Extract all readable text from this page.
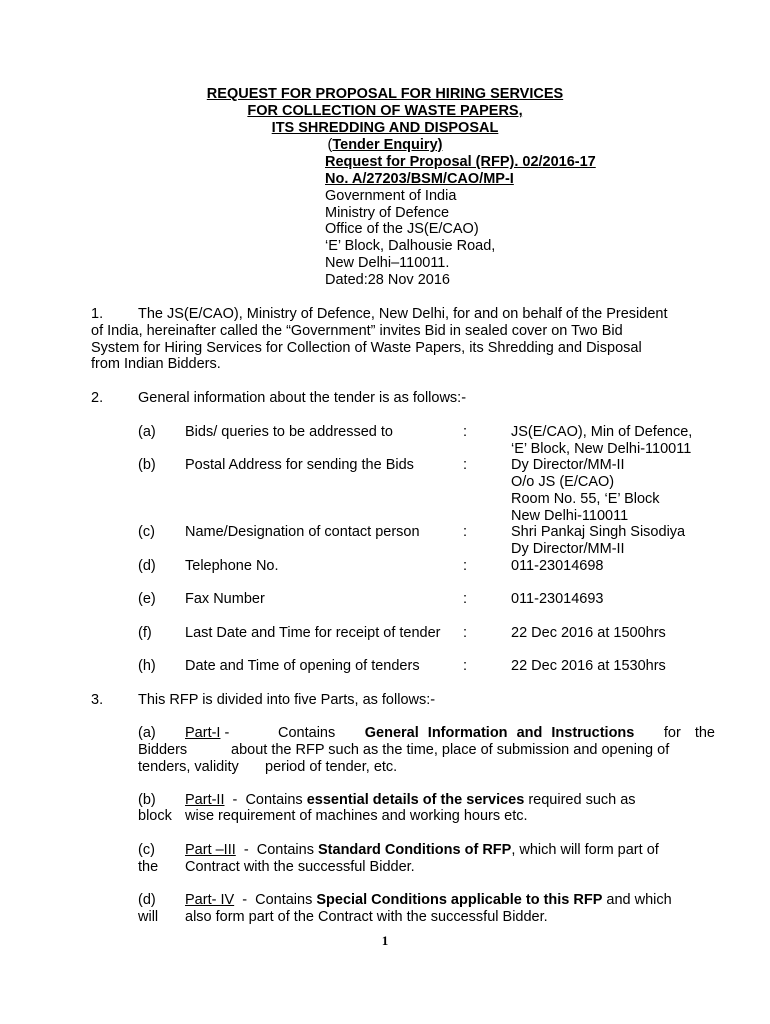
REQUEST FOR PROPOSAL FOR HIRING SERVICES
FOR COLLECTION OF WASTE PAPERS,
ITS SHREDDING AND DISPOSAL
(Tender Enquiry)
Request for Proposal (RFP). 02/2016-17
No. A/27203/BSM/CAO/MP-I
Government of India
Ministry of Defence
Office of the JS(E/CAO)
‘E’ Block, Dalhousie Road,
New Delhi–110011.
Dated:28 Nov 2016
1. The JS(E/CAO), Ministry of Defence, New Delhi, for and on behalf of the President
of India, hereinafter called the “Government” invites Bid in sealed cover on Two Bid
System for Hiring Services for Collection of Waste Papers, its Shredding and Disposal
from Indian Bidders.
2. General information about the tender is as follows:-
(a) Bids/ queries to be addressed to	:	JS(E/CAO), Min of Defence,
‘E’ Block, New Delhi-110011
(b) Postal Address for sending the Bids	:	Dy Director/MM-II
O/o JS (E/CAO)
Room No. 55, ‘E’ Block
New Delhi-110011
(c) Name/Designation of contact person	:	Shri Pankaj Singh Sisodiya
Dy Director/MM-II
(d) Telephone No.	:	011-23014698
(e) Fax Number	:	011-23014693
(f) Last Date and Time for receipt of tender :	22 Dec 2016 at 1500hrs
(h) Date and Time of opening of tenders	:	22 Dec 2016 at 1530hrs
3. This RFP is divided into five Parts, as follows:-
(a) Part-I -	Contains General Information and Instructions for the
Bidders	about the RFP such as the time, place of submission and opening of
tenders, validity period of tender, etc.
(b) Part-II  -  Contains essential details of the services required such as
block wise requirement of machines and working hours etc.
(c) Part –III  -  Contains Standard Conditions of RFP, which will form part of
the Contract with the successful Bidder.
(d) Part- IV  -  Contains Special Conditions applicable to this RFP and which
will also form part of the Contract with the successful Bidder.
1
